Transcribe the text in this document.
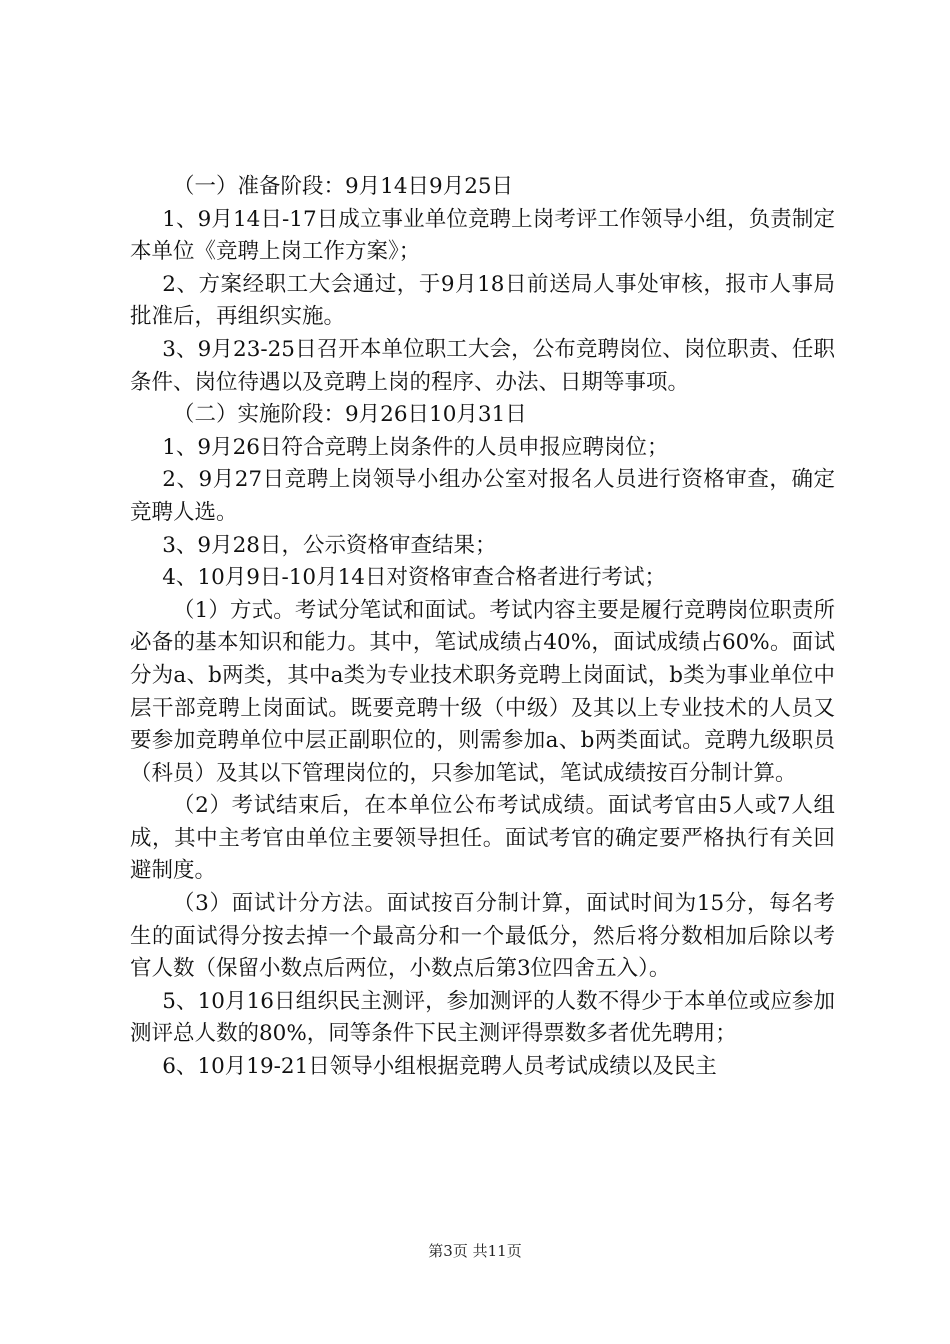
（一）准备阶段：9月14日9月25日

1、9月14日-17日成立事业单位竞聘上岗考评工作领导小组，负责制定本单位《竞聘上岗工作方案》；

2、方案经职工大会通过，于9月18日前送局人事处审核，报市人事局批准后，再组织实施。

3、9月23-25日召开本单位职工大会，公布竞聘岗位、岗位职责、任职条件、岗位待遇以及竞聘上岗的程序、办法、日期等事项。

（二）实施阶段：9月26日10月31日

1、9月26日符合竞聘上岗条件的人员申报应聘岗位；

2、9月27日竞聘上岗领导小组办公室对报名人员进行资格审查，确定竞聘人选。

3、9月28日，公示资格审查结果；

4、10月9日-10月14日对资格审查合格者进行考试；

（1）方式。考试分笔试和面试。考试内容主要是履行竞聘岗位职责所必备的基本知识和能力。其中，笔试成绩占40%，面试成绩占60%。面试分为a、b两类，其中a类为专业技术职务竞聘上岗面试，b类为事业单位中层干部竞聘上岗面试。既要竞聘十级（中级）及其以上专业技术的人员又要参加竞聘单位中层正副职位的，则需参加a、b两类面试。竞聘九级职员（科员）及其以下管理岗位的，只参加笔试，笔试成绩按百分制计算。

（2）考试结束后，在本单位公布考试成绩。面试考官由5人或7人组成，其中主考官由单位主要领导担任。面试考官的确定要严格执行有关回避制度。

（3）面试计分方法。面试按百分制计算，面试时间为15分，每名考生的面试得分按去掉一个最高分和一个最低分，然后将分数相加后除以考官人数（保留小数点后两位，小数点后第3位四舍五入）。

5、10月16日组织民主测评，参加测评的人数不得少于本单位或应参加测评总人数的80%，同等条件下民主测评得票数多者优先聘用；

6、10月19-21日领导小组根据竞聘人员考试成绩以及民主

第3页 共11页
